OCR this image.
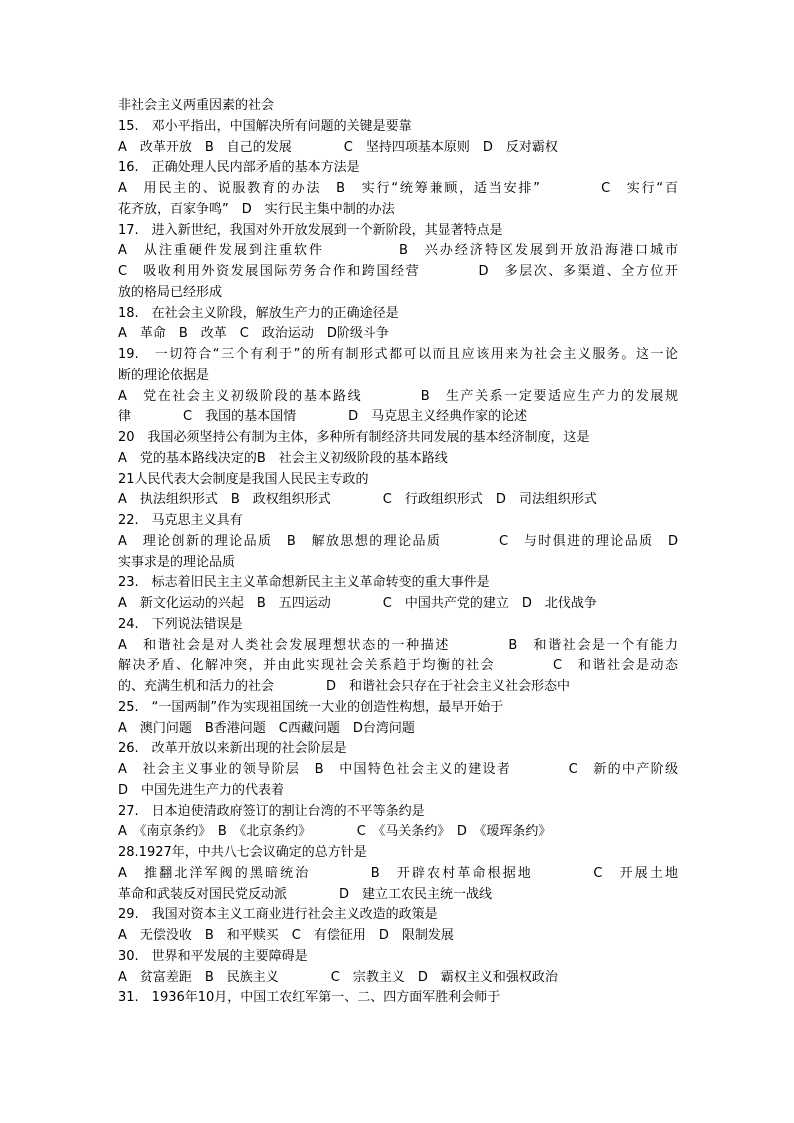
非社会主义两重因素的社会
15.　邓小平指出，中国解决所有问题的关键是要靠
A　改革开放　B　自己的发展　　　　C　坚持四项基本原则　D　反对霸权
16.　正确处理人民内部矛盾的基本方法是
A　用民主的、说服教育的办法　B　实行“统筹兼顾，适当安排”　　　　C　实行“百
花齐放，百家争鸣”　D　实行民主集中制的办法
17.　进入新世纪，我国对外开放发展到一个新阶段，其显著特点是
A　从注重硬件发展到注重软件　　　　　B　兴办经济特区发展到开放沿海港口城市
C　吸收利用外资发展国际劳务合作和跨国经营　　　　D　多层次、多渠道、全方位开
放的格局已经形成
18.　在社会主义阶段，解放生产力的正确途径是
A　革命　B　改革　C　政治运动　D阶级斗争
19.　一切符合“三个有利于”的所有制形式都可以而且应该用来为社会主义服务。这一论
断的理论依据是
A　党在社会主义初级阶段的基本路线　　　　B　生产关系一定要适应生产力的发展规
律　　　　C　我国的基本国情　　　　D　马克思主义经典作家的论述
20　我国必须坚持公有制为主体，多种所有制经济共同发展的基本经济制度，这是
A　党的基本路线决定的B　社会主义初级阶段的基本路线
21人民代表大会制度是我国人民民主专政的
A　执法组织形式　B　政权组织形式　　　　C　行政组织形式　D　司法组织形式
22.　马克思主义具有
A　理论创新的理论品质　B　解放思想的理论品质　　　　C　与时俱进的理论品质　D
实事求是的理论品质
23.　标志着旧民主主义革命想新民主主义革命转变的重大事件是
A　新文化运动的兴起　B　五四运动　　　　C　中国共产党的建立　D　北伐战争
24.　下列说法错误是
A　和谐社会是对人类社会发展理想状态的一种描述　　　　B　和谐社会是一个有能力
解决矛盾、化解冲突，并由此实现社会关系趋于均衡的社会　　　　C　和谐社会是动态
的、充满生机和活力的社会　　　　D　和谐社会只存在于社会主义社会形态中
25.　“一国两制”作为实现祖国统一大业的创造性构想，最早开始于
A　澳门问题　B香港问题　C西藏问题　D台湾问题
26.　改革开放以来新出现的社会阶层是
A　社会主义事业的领导阶层　B　中国特色社会主义的建设者　　　　C　新的中产阶级
D　中国先进生产力的代表着
27.　日本迫使清政府签订的割让台湾的不平等条约是
A　《南京条约》　B　《北京条约》　　　　C　《马关条约》　D　《瑷珲条约》
28.1927年，中共八七会议确定的总方针是
A　推翻北洋军阀的黑暗统治　　　　B　开辟农村革命根据地　　　　C　开展土地
革命和武装反对国民党反动派　　　　D　建立工农民主统一战线
29.　我国对资本主义工商业进行社会主义改造的政策是
A　无偿没收　B　和平赎买　C　有偿征用　D　限制发展
30.　世界和平发展的主要障碍是
A　贫富差距　B　民族主义　　　　C　宗教主义　D　霸权主义和强权政治
31.　1936年10月，中国工农红军第一、二、四方面军胜利会师于
